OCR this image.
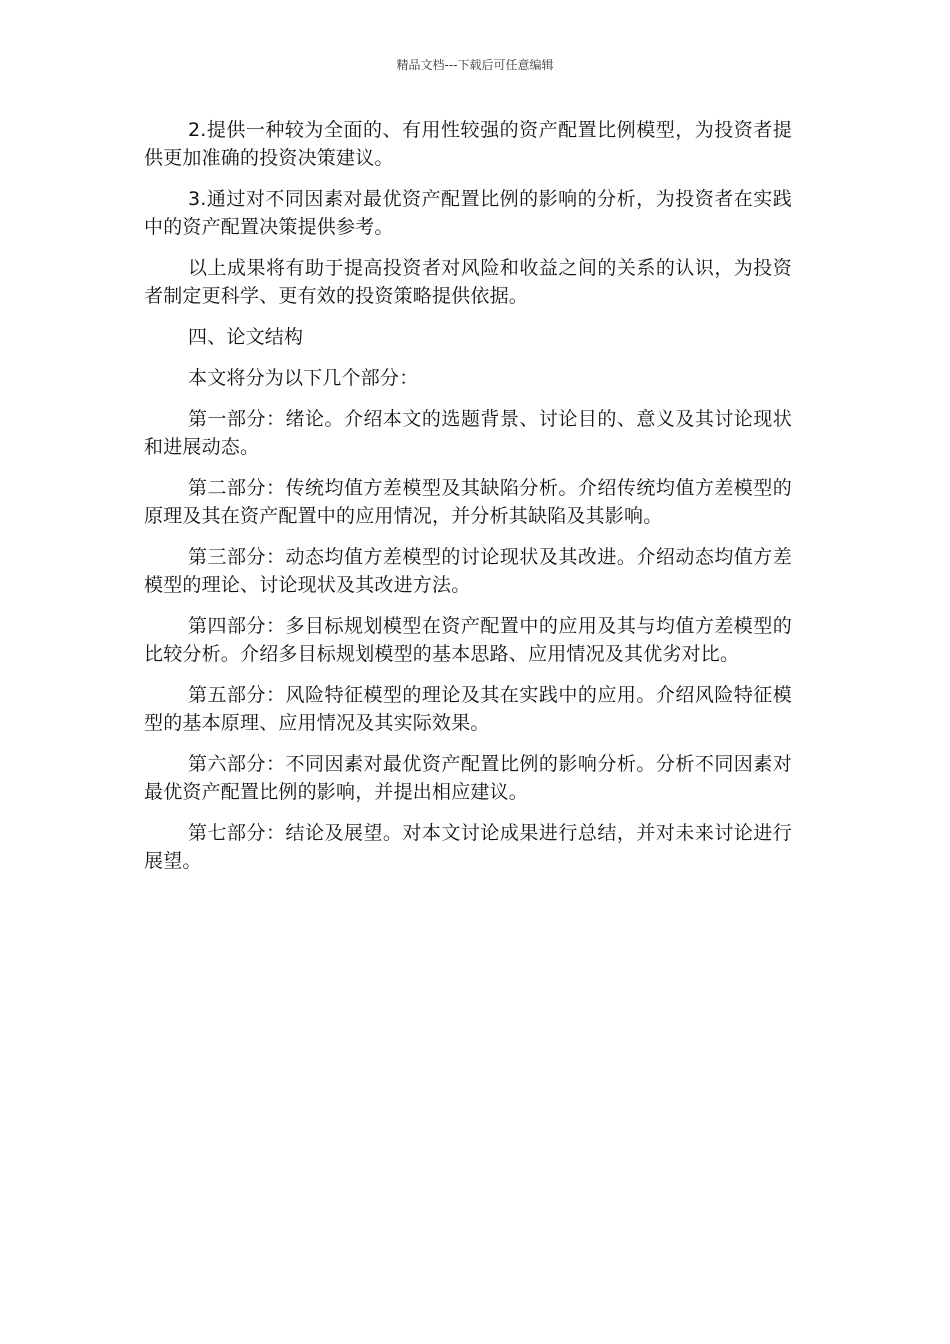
精品文档---下载后可任意编辑

2.提供一种较为全面的、有用性较强的资产配置比例模型，为投资者提供更加准确的投资决策建议。

3.通过对不同因素对最优资产配置比例的影响的分析，为投资者在实践中的资产配置决策提供参考。

以上成果将有助于提高投资者对风险和收益之间的关系的认识，为投资者制定更科学、更有效的投资策略提供依据。

四、论文结构

本文将分为以下几个部分：

第一部分：绪论。介绍本文的选题背景、讨论目的、意义及其讨论现状和进展动态。

第二部分：传统均值方差模型及其缺陷分析。介绍传统均值方差模型的原理及其在资产配置中的应用情况，并分析其缺陷及其影响。

第三部分：动态均值方差模型的讨论现状及其改进。介绍动态均值方差模型的理论、讨论现状及其改进方法。

第四部分：多目标规划模型在资产配置中的应用及其与均值方差模型的比较分析。介绍多目标规划模型的基本思路、应用情况及其优劣对比。

第五部分：风险特征模型的理论及其在实践中的应用。介绍风险特征模型的基本原理、应用情况及其实际效果。

第六部分：不同因素对最优资产配置比例的影响分析。分析不同因素对最优资产配置比例的影响，并提出相应建议。

第七部分：结论及展望。对本文讨论成果进行总结，并对未来讨论进行展望。
